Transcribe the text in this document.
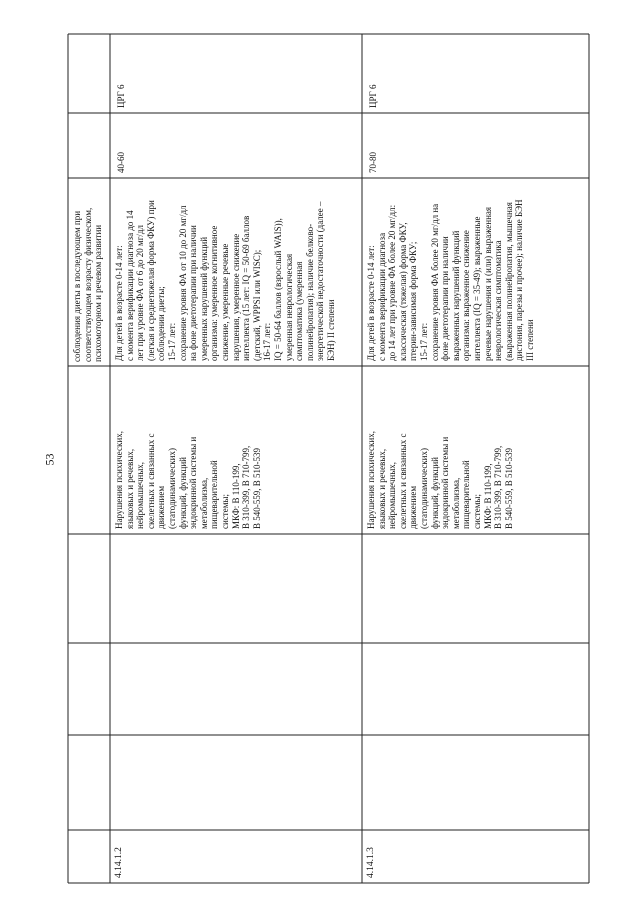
53

соблюдения диеты в последующем при соответствующем возрасту физическом, психомоторном и речевом развитии

4.14.1.2

Нарушения психических, языковых и речевых, нейромышечных, скелетных и связанных с движением (статодинамических) функций, функций эндокринной системы и метаболизма, пищеварительной системы; МКФ: В 110-199, В 310-399, В 710-799, В 540-559, В 510-539

Для детей в возрасте 0-14 лет: с момента верификации диагноза до 14 лет при уровне ФА от 6 до 20 мг/дл (легкая и среднетяжелая форма ФКУ) при соблюдении диеты; 15-17 лет: сохранение уровня ФА от 10 до 20 мг/дл на фоне диетотерапии при наличии умеренных нарушений функций организма: умеренное когнитивное снижение, умеренные речевые нарушения, умеренное снижение интеллекта (15 лет: IQ = 50-69 баллов (детский, WPPSI или WISC); 16-17 лет: IQ = 50-64 баллов (взрослый WAIS)), умеренная неврологическая симптоматика (умеренная полинейропатия); наличие белково- энергетической недостаточности (далее – БЭН) II степени

40-60

ЦРГ 6

4.14.1.3

Нарушения психических, языковых и речевых, нейромышечных, скелетных и связанных с движением (статодинамических) функций, функций эндокринной системы и метаболизма, пищеварительной системы; МКФ: В 110-199, В 310-399, В 710-799, В 540-559, В 510-539

Для детей в возрасте 0-14 лет: с момента верификации диагноза до 14 лет при уровне ФА более 20 мг/дл: классическая (тяжелая) форма ФКУ, птерин-зависимая форма ФКУ; 15-17 лет: сохранение уровня ФА более 20 мг/дл на фоне диетотерапии при наличии выраженных нарушений функций организма: выраженное снижение интеллекта (IQ = 35-49); выраженные речевые нарушения и (или) выраженная неврологическая симптоматика (выраженная полинейропатия, мышечная дистония, парезы и прочее); наличие БЭН III степени

70-80

ЦРГ 6
